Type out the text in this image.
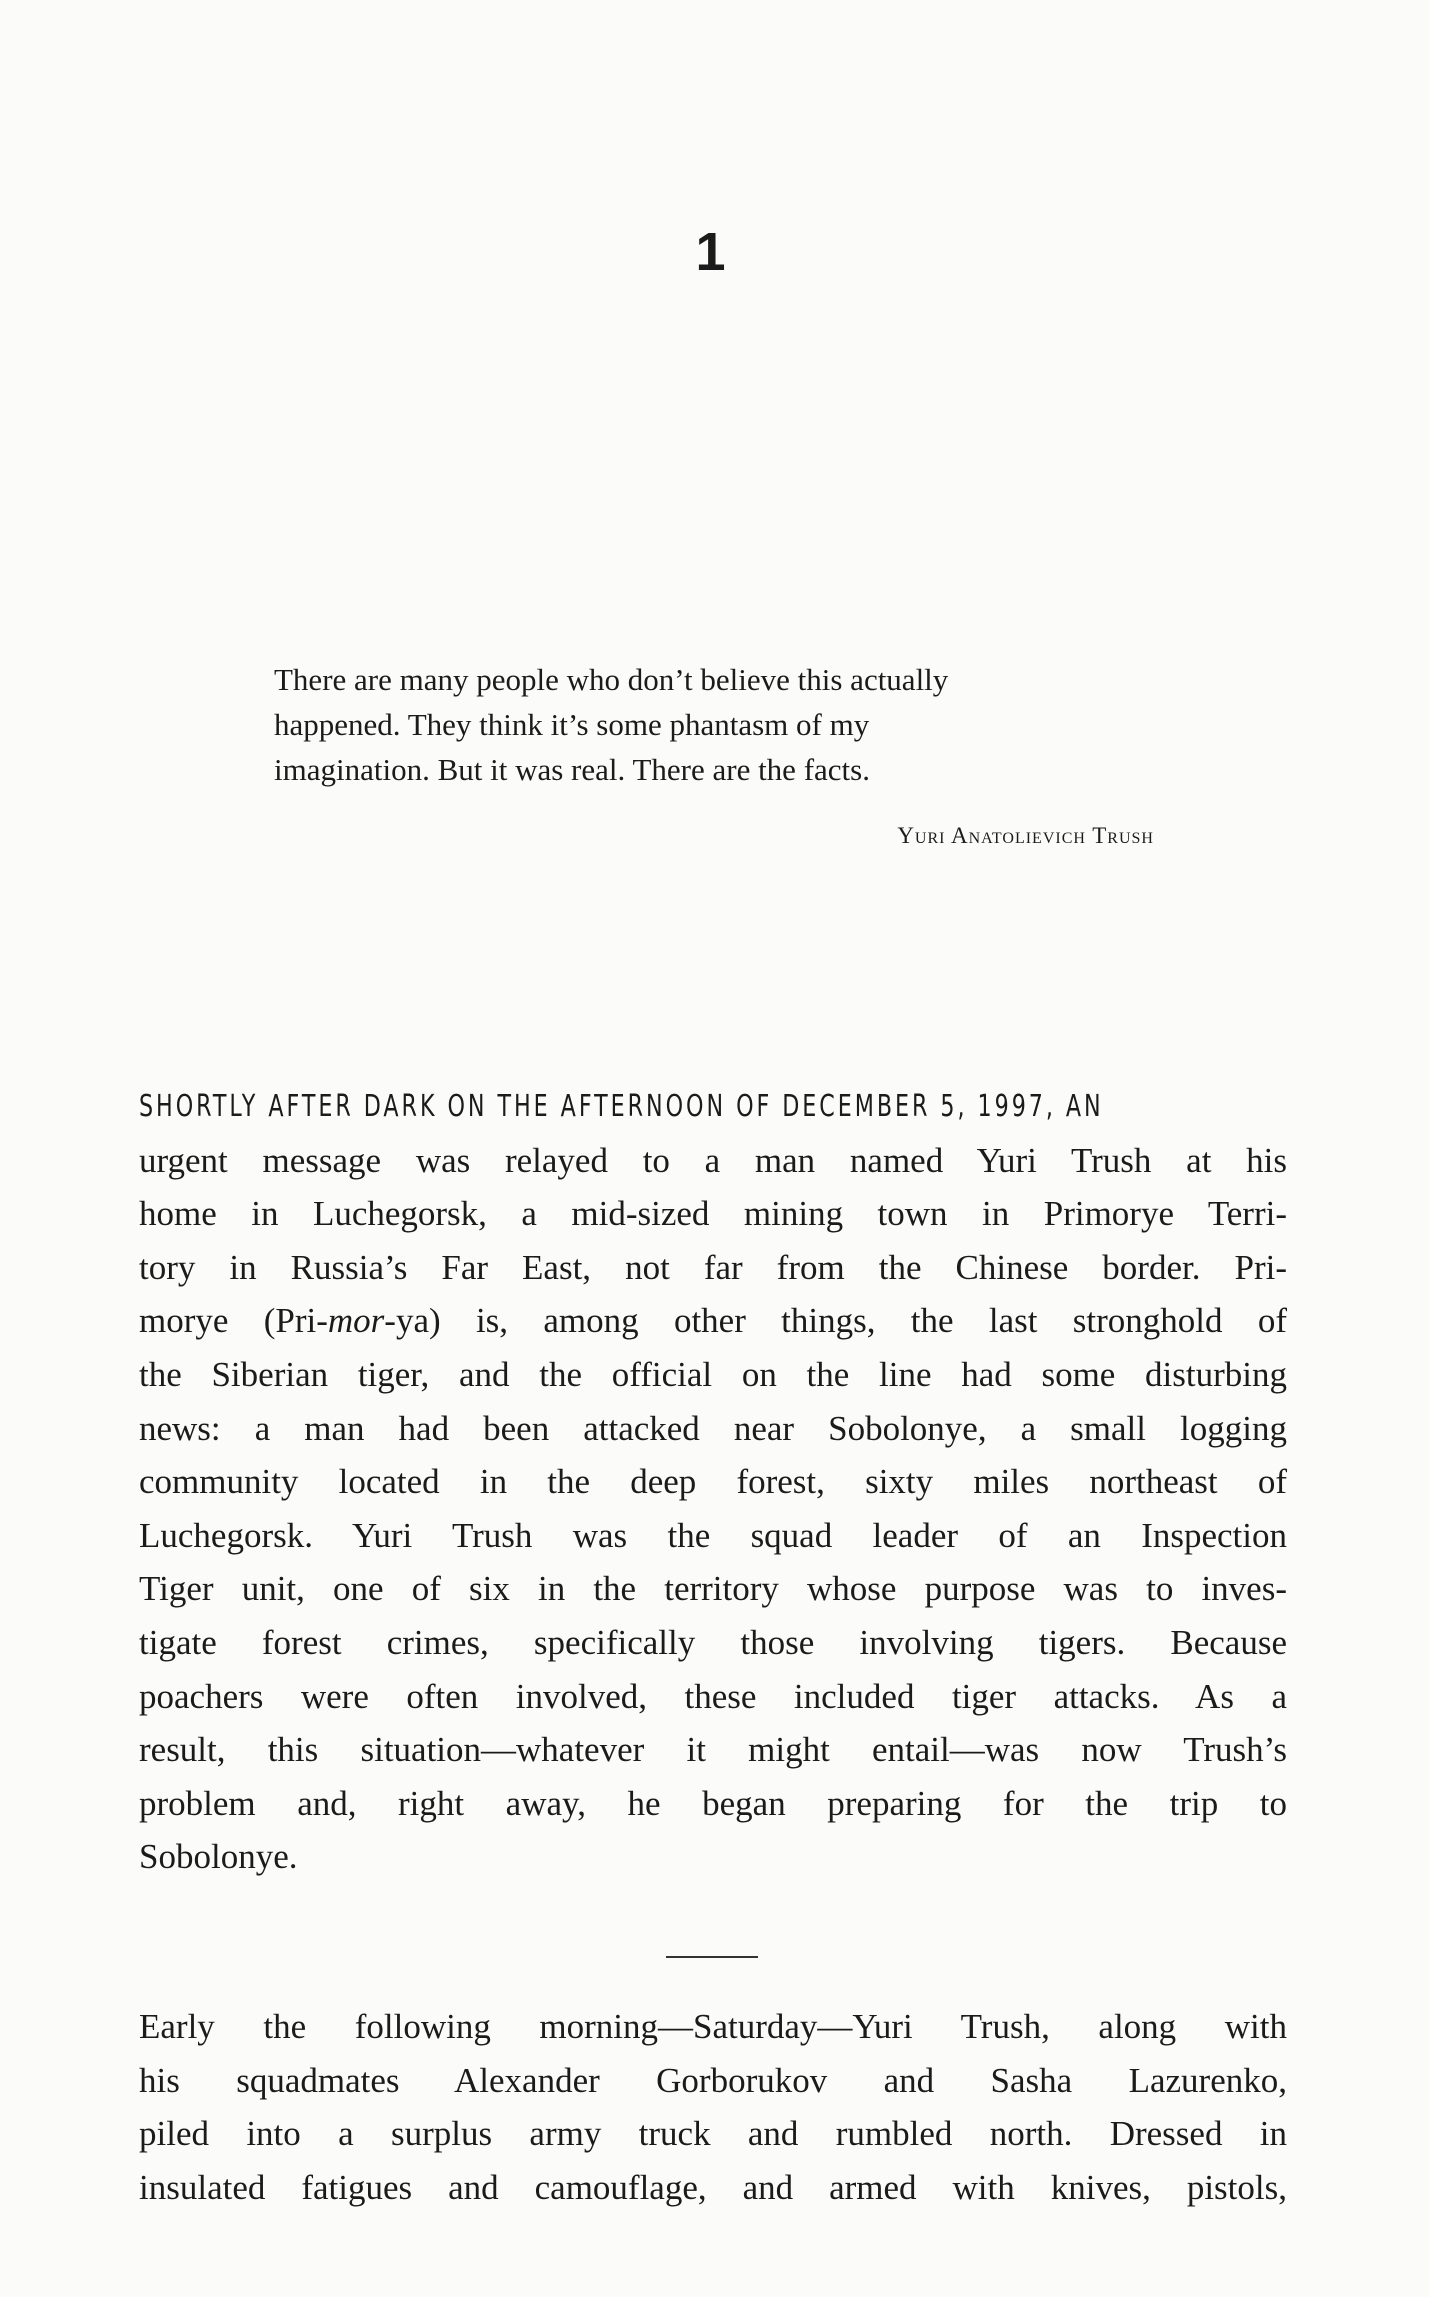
1

There are many people who don’t believe this actually
happened. They think it’s some phantasm of my
imagination. But it was real. There are the facts.

Yuri Anatolievich Trush
SHORTLY AFTER DARK ON THE AFTERNOON OF DECEMBER 5, 1997, AN
urgent message was relayed to a man named Yuri Trush at his
home in Luchegorsk, a mid-sized mining town in Primorye Terri-
tory in Russia’s Far East, not far from the Chinese border. Pri-
morye (Pri-mor-ya) is, among other things, the last stronghold of
the Siberian tiger, and the official on the line had some disturbing
news: a man had been attacked near Sobolonye, a small logging
community located in the deep forest, sixty miles northeast of
Luchegorsk. Yuri Trush was the squad leader of an Inspection
Tiger unit, one of six in the territory whose purpose was to inves-
tigate forest crimes, specifically those involving tigers. Because
poachers were often involved, these included tiger attacks. As a
result, this situation—whatever it might entail—was now Trush’s
problem and, right away, he began preparing for the trip to
Sobolonye.
Early the following morning—Saturday—Yuri Trush, along with
his squadmates Alexander Gorborukov and Sasha Lazurenko,
piled into a surplus army truck and rumbled north. Dressed in
insulated fatigues and camouflage, and armed with knives, pistols,
